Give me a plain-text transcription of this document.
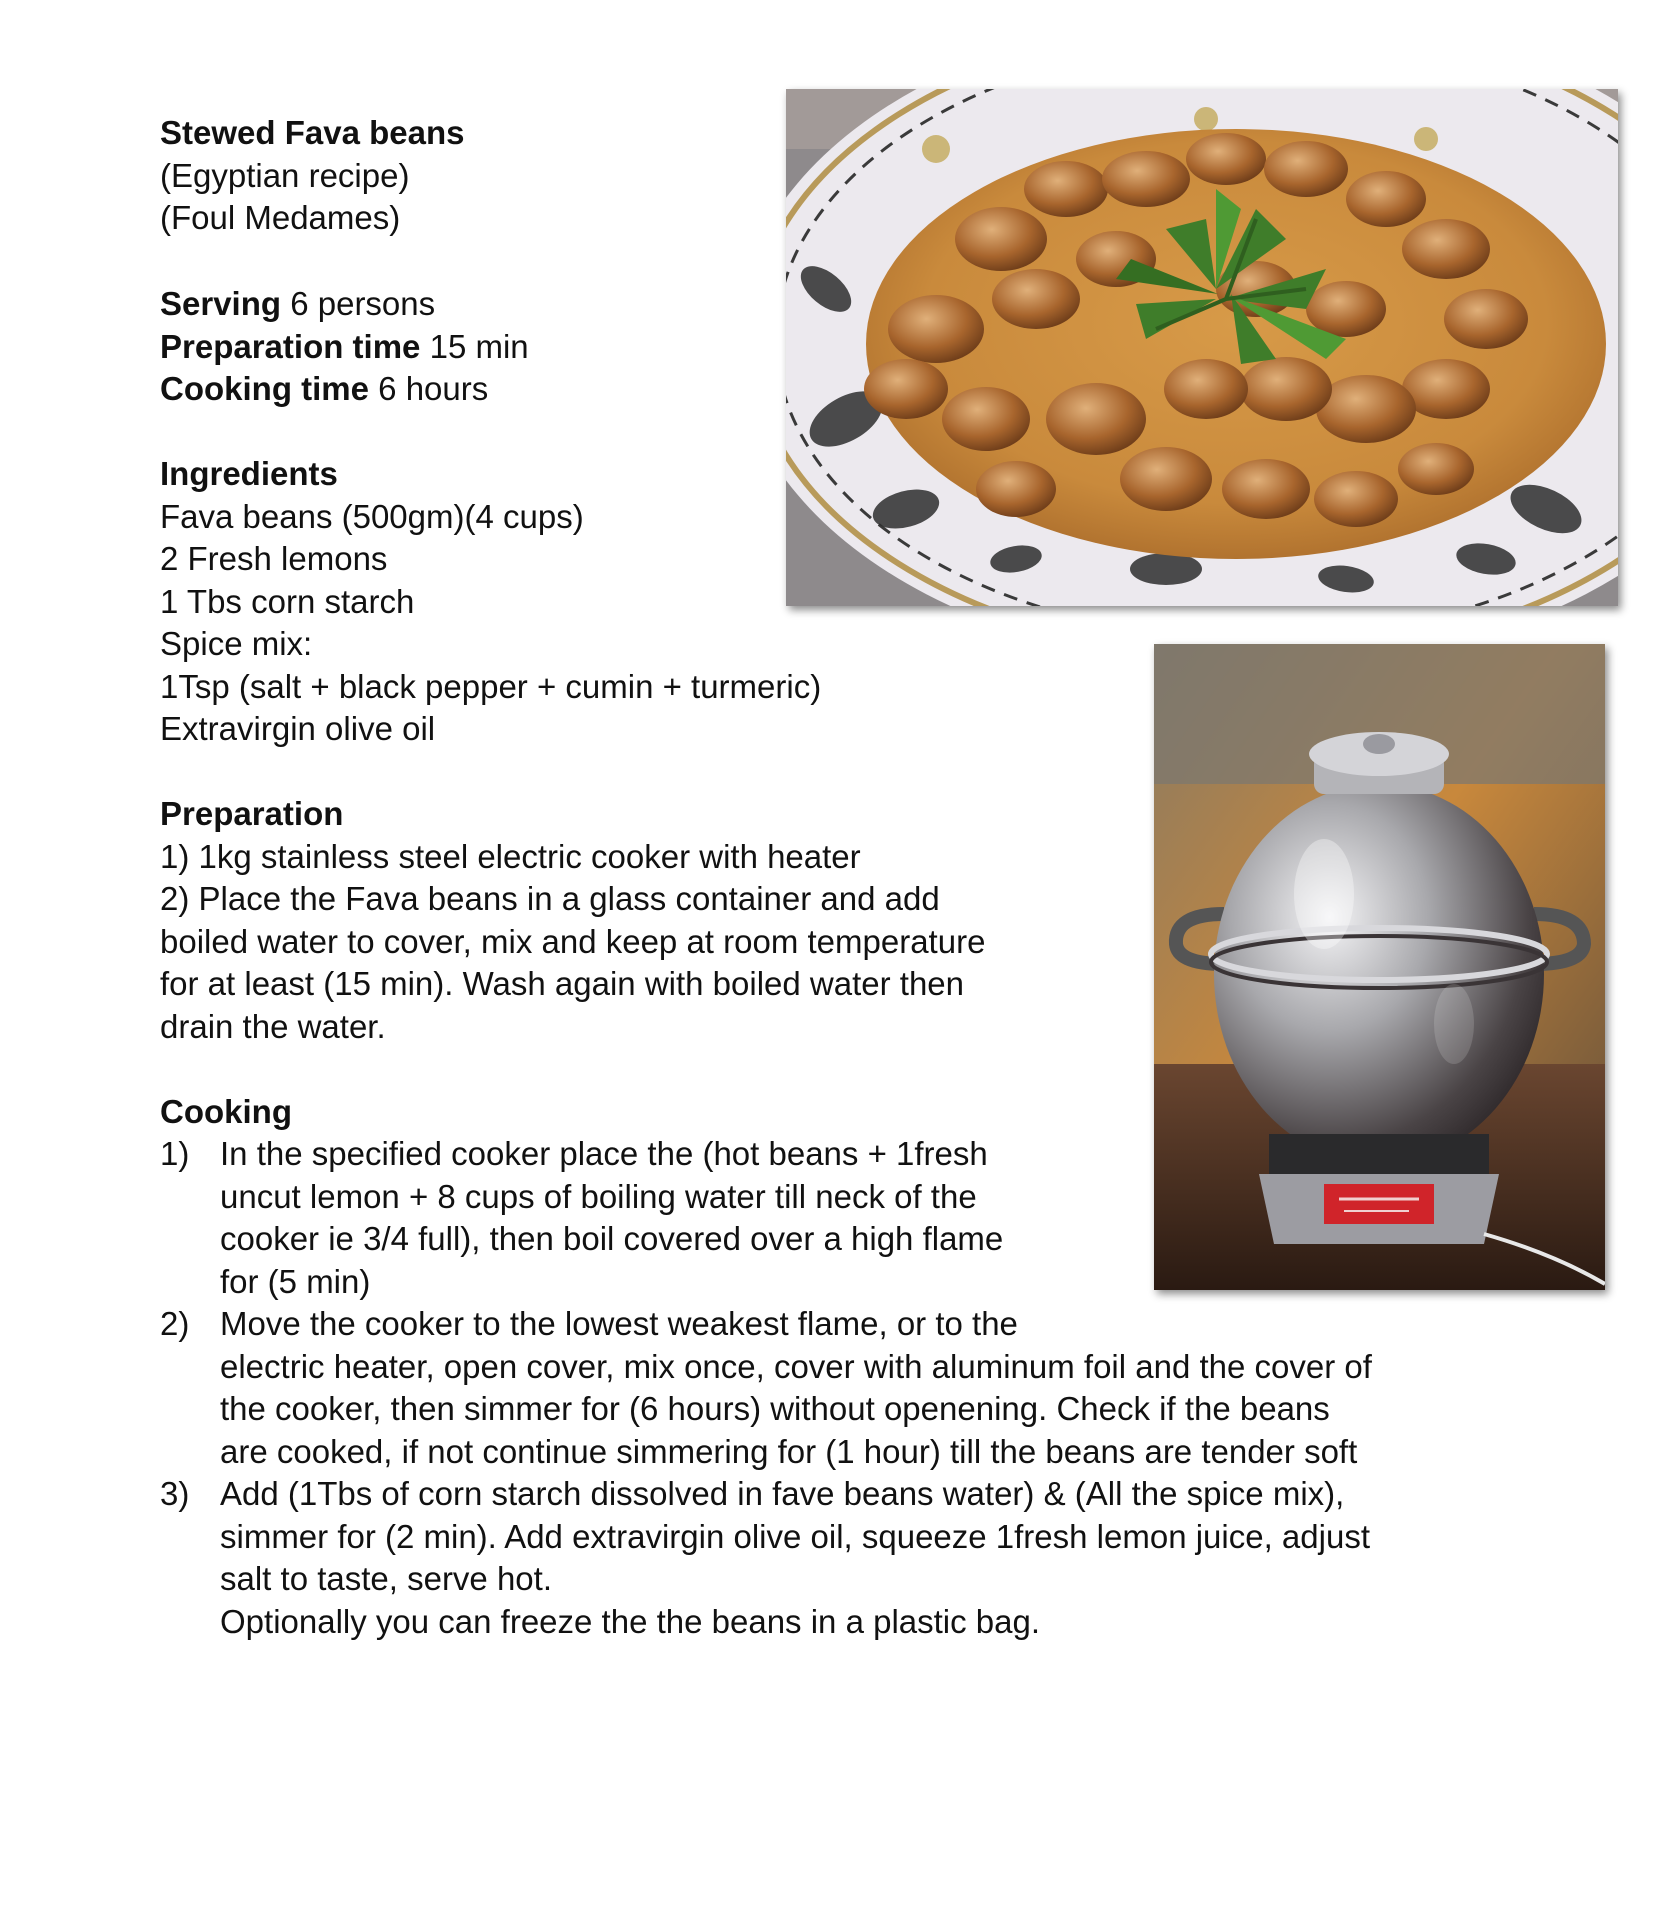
Stewed Fava beans
(Egyptian recipe)
(Foul Medames)
Serving 6 persons
Preparation time 15 min
Cooking time 6 hours
Ingredients
Fava beans (500gm)(4 cups)
2 Fresh lemons
1 Tbs corn starch
Spice mix:
1Tsp (salt + black pepper + cumin + turmeric)
Extravirgin olive oil
Preparation
1) 1kg stainless steel electric cooker with heater
2) Place the Fava beans in a glass container and add
boiled water to cover, mix and keep at room temperature
for at least (15 min). Wash again with boiled water then
drain the water.
Cooking
1) In the specified cooker place the (hot beans + 1fresh
uncut lemon + 8 cups of boiling water till neck of the
cooker ie 3/4 full), then boil covered over a high flame
for (5 min)
2) Move the cooker to the lowest weakest flame, or to the
electric heater, open cover, mix once, cover with aluminum foil and the cover of
the cooker, then simmer for (6 hours) without openening. Check if the beans
are cooked, if not continue simmering for (1 hour) till the beans are tender soft
3) Add (1Tbs of corn starch dissolved in fave beans water) & (All the spice mix),
simmer for (2 min). Add extravirgin olive oil, squeeze 1fresh lemon juice, adjust
salt to taste, serve hot.
Optionally you can freeze the the beans in a plastic bag.
